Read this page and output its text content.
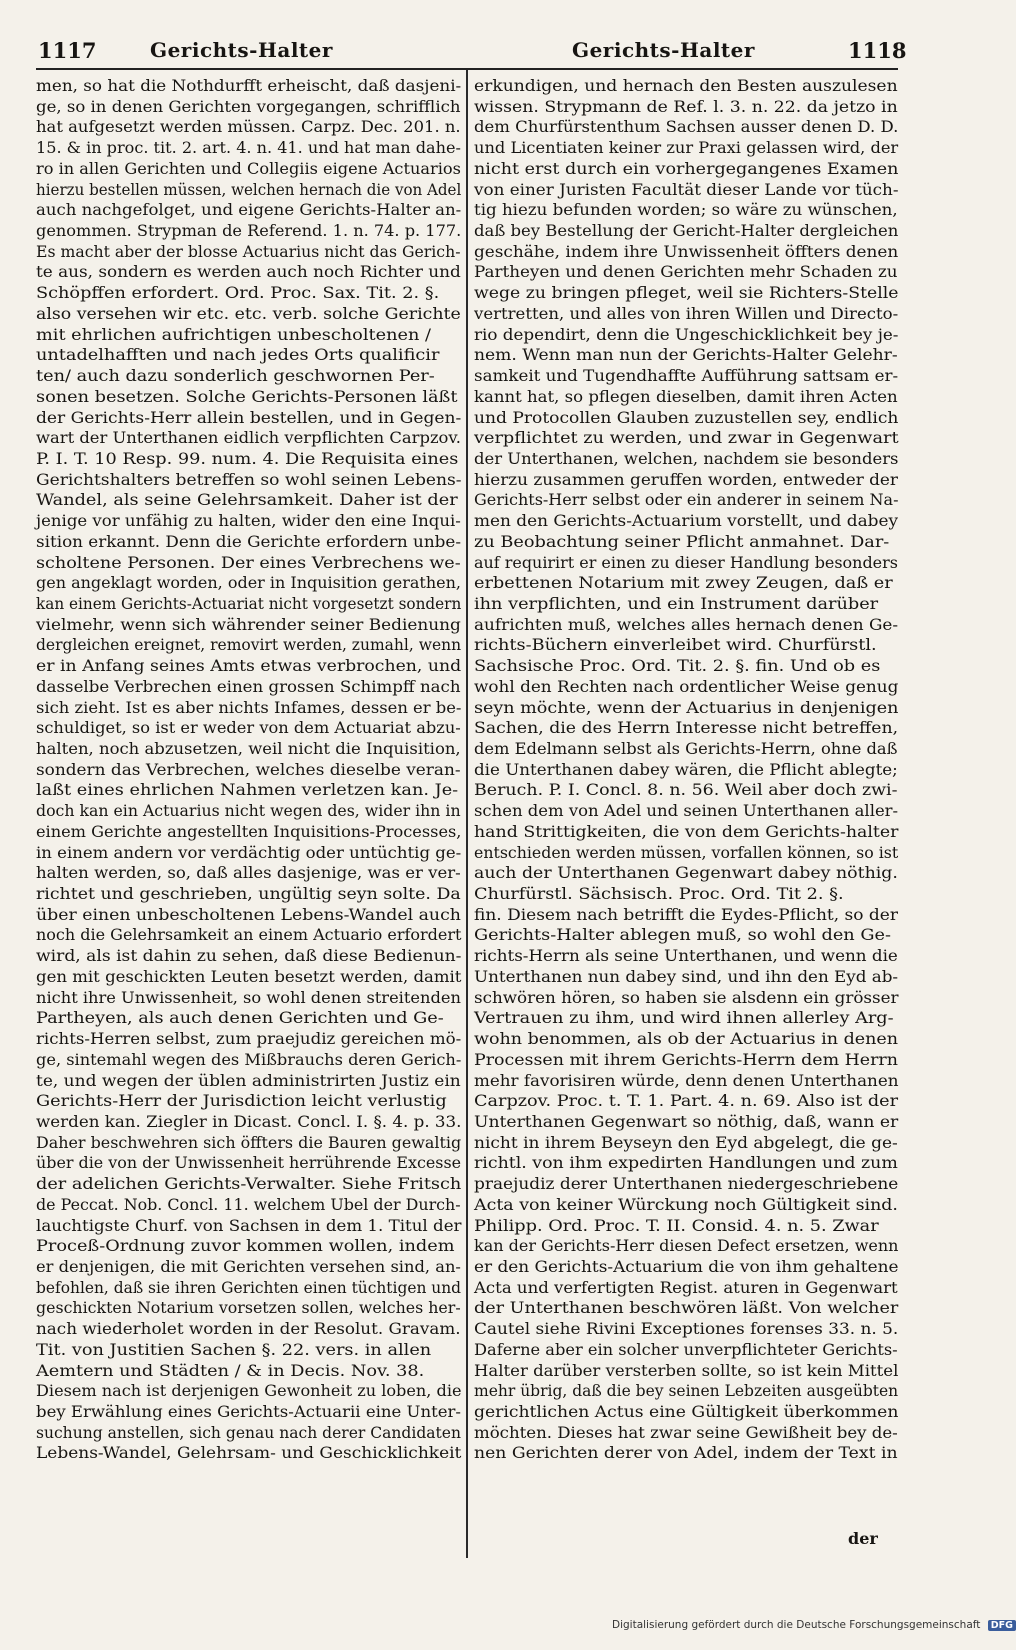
1117	Gerichts-Halter	Gerichts-Halter	1118

men, so hat die Nothdurfft erheischt, daß dasjeni-

ge, so in denen Gerichten vorgegangen, schrifflich

hat aufgesetzt werden müssen. Carpz. Dec. 201. n.

15. & in proc. tit. 2. art. 4. n. 41. und hat man dahe-

ro in allen Gerichten und Collegiis eigene Actuarios

hierzu bestellen müssen, welchen hernach die von Adel

auch nachgefolget, und eigene Gerichts-Halter an-

genommen. Strypman de Referend. 1. n. 74. p. 177.

Es macht aber der blosse Actuarius nicht das Gerich-

te aus, sondern es werden auch noch Richter und

Schöpffen erfordert. Ord. Proc. Sax. Tit. 2. §.

also versehen wir etc. etc. verb. solche Gerichte

mit ehrlichen aufrichtigen unbescholtenen /

untadelhafften und nach jedes Orts qualificir

ten/ auch dazu sonderlich geschwornen Per-

sonen besetzen. Solche Gerichts-Personen läßt

der Gerichts-Herr allein bestellen, und in Gegen-

wart der Unterthanen eidlich verpflichten Carpzov.

P. I. T. 10 Resp. 99. num. 4. Die Requisita eines

Gerichtshalters betreffen so wohl seinen Lebens-

Wandel, als seine Gelehrsamkeit. Daher ist der

jenige vor unfähig zu halten, wider den eine Inqui-

sition erkannt. Denn die Gerichte erfordern unbe-

scholtene Personen. Der eines Verbrechens we-

gen angeklagt worden, oder in Inquisition gerathen,

kan einem Gerichts-Actuariat nicht vorgesetzt sondern

vielmehr, wenn sich währender seiner Bedienung

dergleichen ereignet, removirt werden, zumahl, wenn

er in Anfang seines Amts etwas verbrochen, und

dasselbe Verbrechen einen grossen Schimpff nach

sich zieht. Ist es aber nichts Infames, dessen er be-

schuldiget, so ist er weder von dem Actuariat abzu-

halten, noch abzusetzen, weil nicht die Inquisition,

sondern das Verbrechen, welches dieselbe veran-

laßt eines ehrlichen Nahmen verletzen kan. Je-

doch kan ein Actuarius nicht wegen des, wider ihn in

einem Gerichte angestellten Inquisitions-Processes,

in einem andern vor verdächtig oder untüchtig ge-

halten werden, so, daß alles dasjenige, was er ver-

richtet und geschrieben, ungültig seyn solte. Da

über einen unbescholtenen Lebens-Wandel auch

noch die Gelehrsamkeit an einem Actuario erfordert

wird, als ist dahin zu sehen, daß diese Bedienun-

gen mit geschickten Leuten besetzt werden, damit

nicht ihre Unwissenheit, so wohl denen streitenden

Partheyen, als auch denen Gerichten und Ge-

richts-Herren selbst, zum praejudiz gereichen mö-

ge, sintemahl wegen des Mißbrauchs deren Gerich-

te, und wegen der üblen administrirten Justiz ein

Gerichts-Herr der Jurisdiction leicht verlustig

werden kan. Ziegler in Dicast. Concl. I. §. 4. p. 33.

Daher beschwehren sich öffters die Bauren gewaltig

über die von der Unwissenheit herrührende Excesse

der adelichen Gerichts-Verwalter. Siehe Fritsch

de Peccat. Nob. Concl. 11. welchem Ubel der Durch-

lauchtigste Churf. von Sachsen in dem 1. Titul der

Proceß-Ordnung zuvor kommen wollen, indem

er denjenigen, die mit Gerichten versehen sind, an-

befohlen, daß sie ihren Gerichten einen tüchtigen und

geschickten Notarium vorsetzen sollen, welches her-

nach wiederholet worden in der Resolut. Gravam.

Tit. von Justitien Sachen §. 22. vers. in allen

Aemtern und Städten / & in Decis. Nov. 38.

Diesem nach ist derjenigen Gewonheit zu loben, die

bey Erwählung eines Gerichts-Actuarii eine Unter-

suchung anstellen, sich genau nach derer Candidaten

Lebens-Wandel, Gelehrsam- und Geschicklichkeit

erkundigen, und hernach den Besten auszulesen

wissen. Strypmann de Ref. l. 3. n. 22. da jetzo in

dem Churfürstenthum Sachsen ausser denen D. D.

und Licentiaten keiner zur Praxi gelassen wird, der

nicht erst durch ein vorhergegangenes Examen

von einer Juristen Facultät dieser Lande vor tüch-

tig hiezu befunden worden; so wäre zu wünschen,

daß bey Bestellung der Gericht-Halter dergleichen

geschähe, indem ihre Unwissenheit öffters denen

Partheyen und denen Gerichten mehr Schaden zu

wege zu bringen pfleget, weil sie Richters-Stelle

vertretten, und alles von ihren Willen und Directo-

rio dependirt, denn die Ungeschicklichkeit bey je-

nem. Wenn man nun der Gerichts-Halter Gelehr-

samkeit und Tugendhaffte Aufführung sattsam er-

kannt hat, so pflegen dieselben, damit ihren Acten

und Protocollen Glauben zuzustellen sey, endlich

verpflichtet zu werden, und zwar in Gegenwart

der Unterthanen, welchen, nachdem sie besonders

hierzu zusammen geruffen worden, entweder der

Gerichts-Herr selbst oder ein anderer in seinem Na-

men den Gerichts-Actuarium vorstellt, und dabey

zu Beobachtung seiner Pflicht anmahnet. Dar-

auf requirirt er einen zu dieser Handlung besonders

erbettenen Notarium mit zwey Zeugen, daß er

ihn verpflichten, und ein Instrument darüber

aufrichten muß, welches alles hernach denen Ge-

richts-Büchern einverleibet wird. Churfürstl.

Sachsische Proc. Ord. Tit. 2. §. fin. Und ob es

wohl den Rechten nach ordentlicher Weise genug

seyn möchte, wenn der Actuarius in denjenigen

Sachen, die des Herrn Interesse nicht betreffen,

dem Edelmann selbst als Gerichts-Herrn, ohne daß

die Unterthanen dabey wären, die Pflicht ablegte;

Beruch. P. I. Concl. 8. n. 56. Weil aber doch zwi-

schen dem von Adel und seinen Unterthanen aller-

hand Strittigkeiten, die von dem Gerichts-halter

entschieden werden müssen, vorfallen können, so ist

auch der Unterthanen Gegenwart dabey nöthig.

Churfürstl. Sächsisch. Proc. Ord. Tit 2. §.

fin. Diesem nach betrifft die Eydes-Pflicht, so der

Gerichts-Halter ablegen muß, so wohl den Ge-

richts-Herrn als seine Unterthanen, und wenn die

Unterthanen nun dabey sind, und ihn den Eyd ab-

schwören hören, so haben sie alsdenn ein grösser

Vertrauen zu ihm, und wird ihnen allerley Arg-

wohn benommen, als ob der Actuarius in denen

Processen mit ihrem Gerichts-Herrn dem Herrn

mehr favorisiren würde, denn denen Unterthanen

Carpzov. Proc. t. T. 1. Part. 4. n. 69. Also ist der

Unterthanen Gegenwart so nöthig, daß, wann er

nicht in ihrem Beyseyn den Eyd abgelegt, die ge-

richtl. von ihm expedirten Handlungen und zum

praejudiz derer Unterthanen niedergeschriebene

Acta von keiner Würckung noch Gültigkeit sind.

Philipp. Ord. Proc. T. II. Consid. 4. n. 5. Zwar

kan der Gerichts-Herr diesen Defect ersetzen, wenn

er den Gerichts-Actuarium die von ihm gehaltene

Acta und verfertigten Regist. aturen in Gegenwart

der Unterthanen beschwören läßt. Von welcher

Cautel siehe Rivini Exceptiones forenses 33. n. 5.

Daferne aber ein solcher unverpflichteter Gerichts-

Halter darüber versterben sollte, so ist kein Mittel

mehr übrig, daß die bey seinen Lebzeiten ausgeübten

gerichtlichen Actus eine Gültigkeit überkommen

möchten. Dieses hat zwar seine Gewißheit bey de-

nen Gerichten derer von Adel, indem der Text in

der
Digitalisierung gefördert durch die Deutsche Forschungsgemeinschaft DFG
